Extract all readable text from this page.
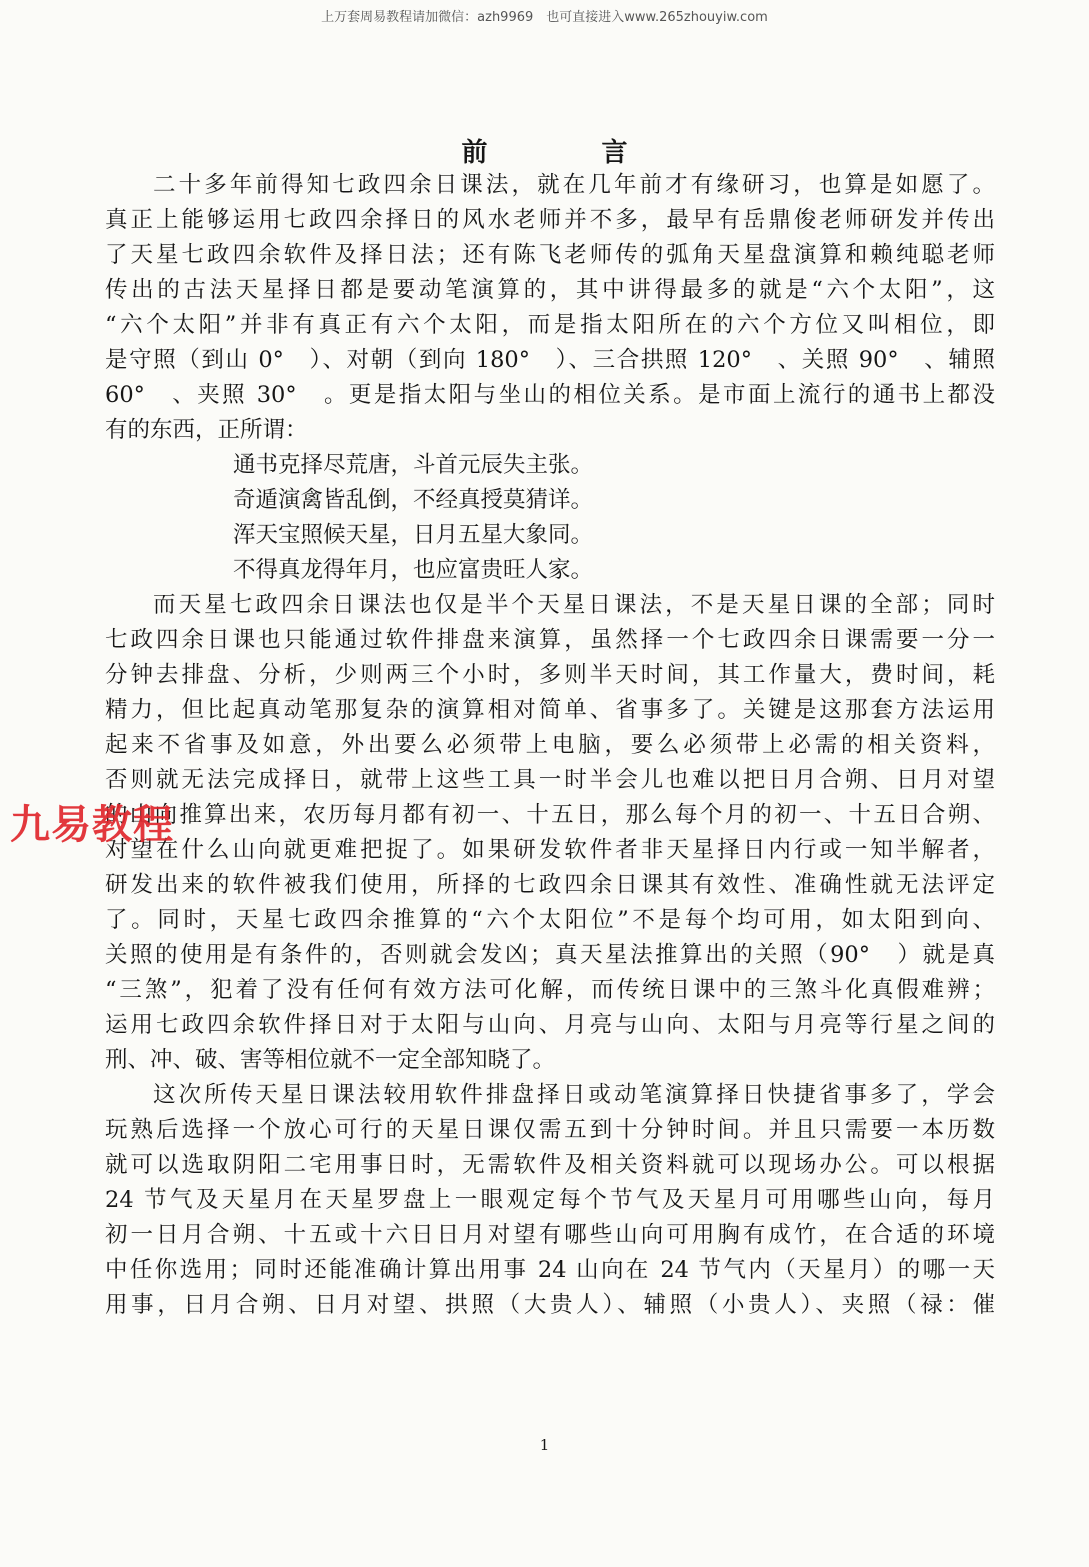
上万套周易教程请加微信：azh9969　也可直接进入www.265zhouyiw.com
前　言
二十多年前得知七政四余日课法，就在几年前才有缘研习，也算是如愿了。
真正上能够运用七政四余择日的风水老师并不多，最早有岳鼎俊老师研发并传出
了天星七政四余软件及择日法；还有陈飞老师传的弧角天星盘演算和赖纯聪老师
传出的古法天星择日都是要动笔演算的，其中讲得最多的就是“六个太阳”，这
“六个太阳”并非有真正有六个太阳，而是指太阳所在的六个方位又叫相位，即
是守照（到山 0°　）、对朝（到向 180°　）、三合拱照 120°　、关照 90°　、辅照
60°　、夹照 30°　。更是指太阳与坐山的相位关系。是市面上流行的通书上都没
有的东西，正所谓：
通书克择尽荒唐，斗首元辰失主张。
奇遁演禽皆乱倒，不经真授莫猜详。
浑天宝照候天星，日月五星大象同。
不得真龙得年月，也应富贵旺人家。
而天星七政四余日课法也仅是半个天星日课法，不是天星日课的全部；同时
七政四余日课也只能通过软件排盘来演算，虽然择一个七政四余日课需要一分一
分钟去排盘、分析，少则两三个小时，多则半天时间，其工作量大，费时间，耗
精力，但比起真动笔那复杂的演算相对简单、省事多了。关键是这那套方法运用
起来不省事及如意，外出要么必须带上电脑，要么必须带上必需的相关资料，
否则就无法完成择日，就带上这些工具一时半会儿也难以把日月合朔、日月对望
的山向推算出来，农历每月都有初一、十五日，那么每个月的初一、十五日合朔、
对望在什么山向就更难把捉了。如果研发软件者非天星择日内行或一知半解者，
研发出来的软件被我们使用，所择的七政四余日课其有效性、准确性就无法评定
了。同时，天星七政四余推算的“六个太阳位”不是每个均可用，如太阳到向、
关照的使用是有条件的，否则就会发凶；真天星法推算出的关照（90°　）就是真
“三煞”，犯着了没有任何有效方法可化解，而传统日课中的三煞斗化真假难辨；
运用七政四余软件择日对于太阳与山向、月亮与山向、太阳与月亮等行星之间的
刑、冲、破、害等相位就不一定全部知晓了。
这次所传天星日课法较用软件排盘择日或动笔演算择日快捷省事多了，学会
玩熟后选择一个放心可行的天星日课仅需五到十分钟时间。并且只需要一本历数
就可以选取阴阳二宅用事日时，无需软件及相关资料就可以现场办公。可以根据
24 节气及天星月在天星罗盘上一眼观定每个节气及天星月可用哪些山向，每月
初一日月合朔、十五或十六日日月对望有哪些山向可用胸有成竹，在合适的环境
中任你选用；同时还能准确计算出用事 24 山向在 24 节气内（天星月）的哪一天
用事，日月合朔、日月对望、拱照（大贵人）、辅照（小贵人）、夹照（禄：催
九易教程
1
